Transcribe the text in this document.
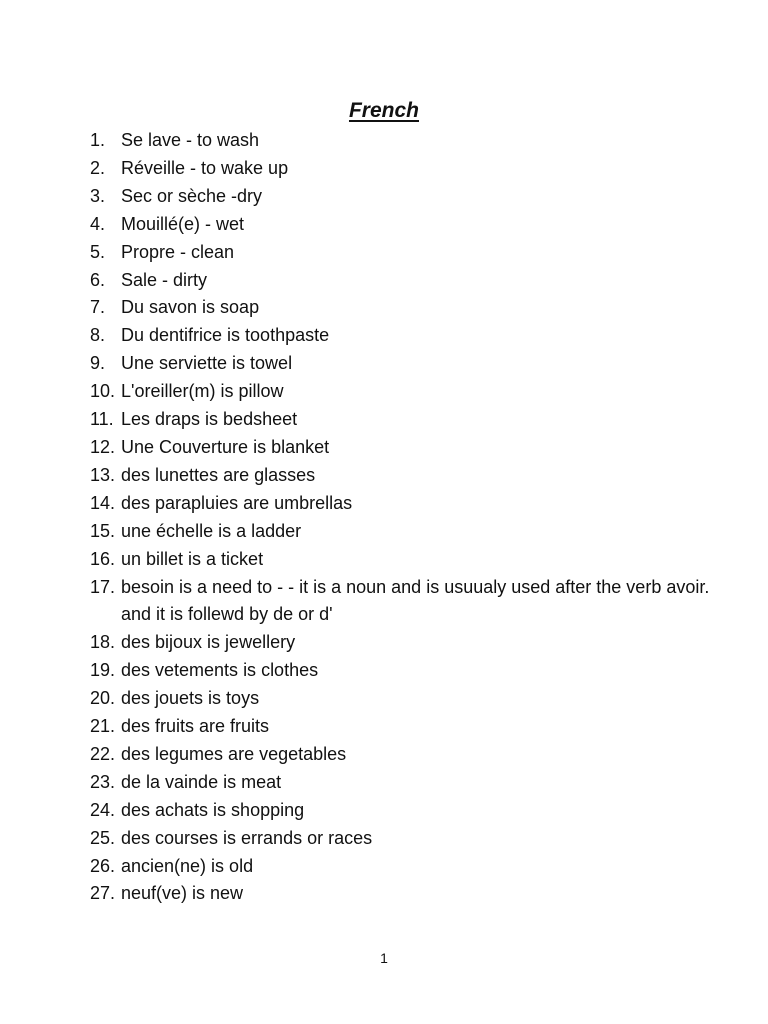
French
1. Se lave - to wash
2. Réveille - to wake up
3. Sec or sèche -dry
4. Mouillé(e) - wet
5. Propre - clean
6. Sale - dirty
7. Du savon is soap
8. Du dentifrice is toothpaste
9. Une serviette is towel
10. L'oreiller(m) is pillow
11. Les draps is bedsheet
12. Une Couverture is blanket
13. des lunettes are glasses
14. des parapluies are umbrellas
15. une échelle is a ladder
16. un billet is a ticket
17. besoin is a need to - - it is a noun and is usuualy used after the verb avoir. and it is follewd by de or d'
18. des bijoux is jewellery
19. des vetements is clothes
20. des jouets is toys
21. des fruits are fruits
22. des legumes are vegetables
23. de la vainde is meat
24. des achats is shopping
25. des courses is errands or races
26. ancien(ne) is old
27. neuf(ve) is new
1
